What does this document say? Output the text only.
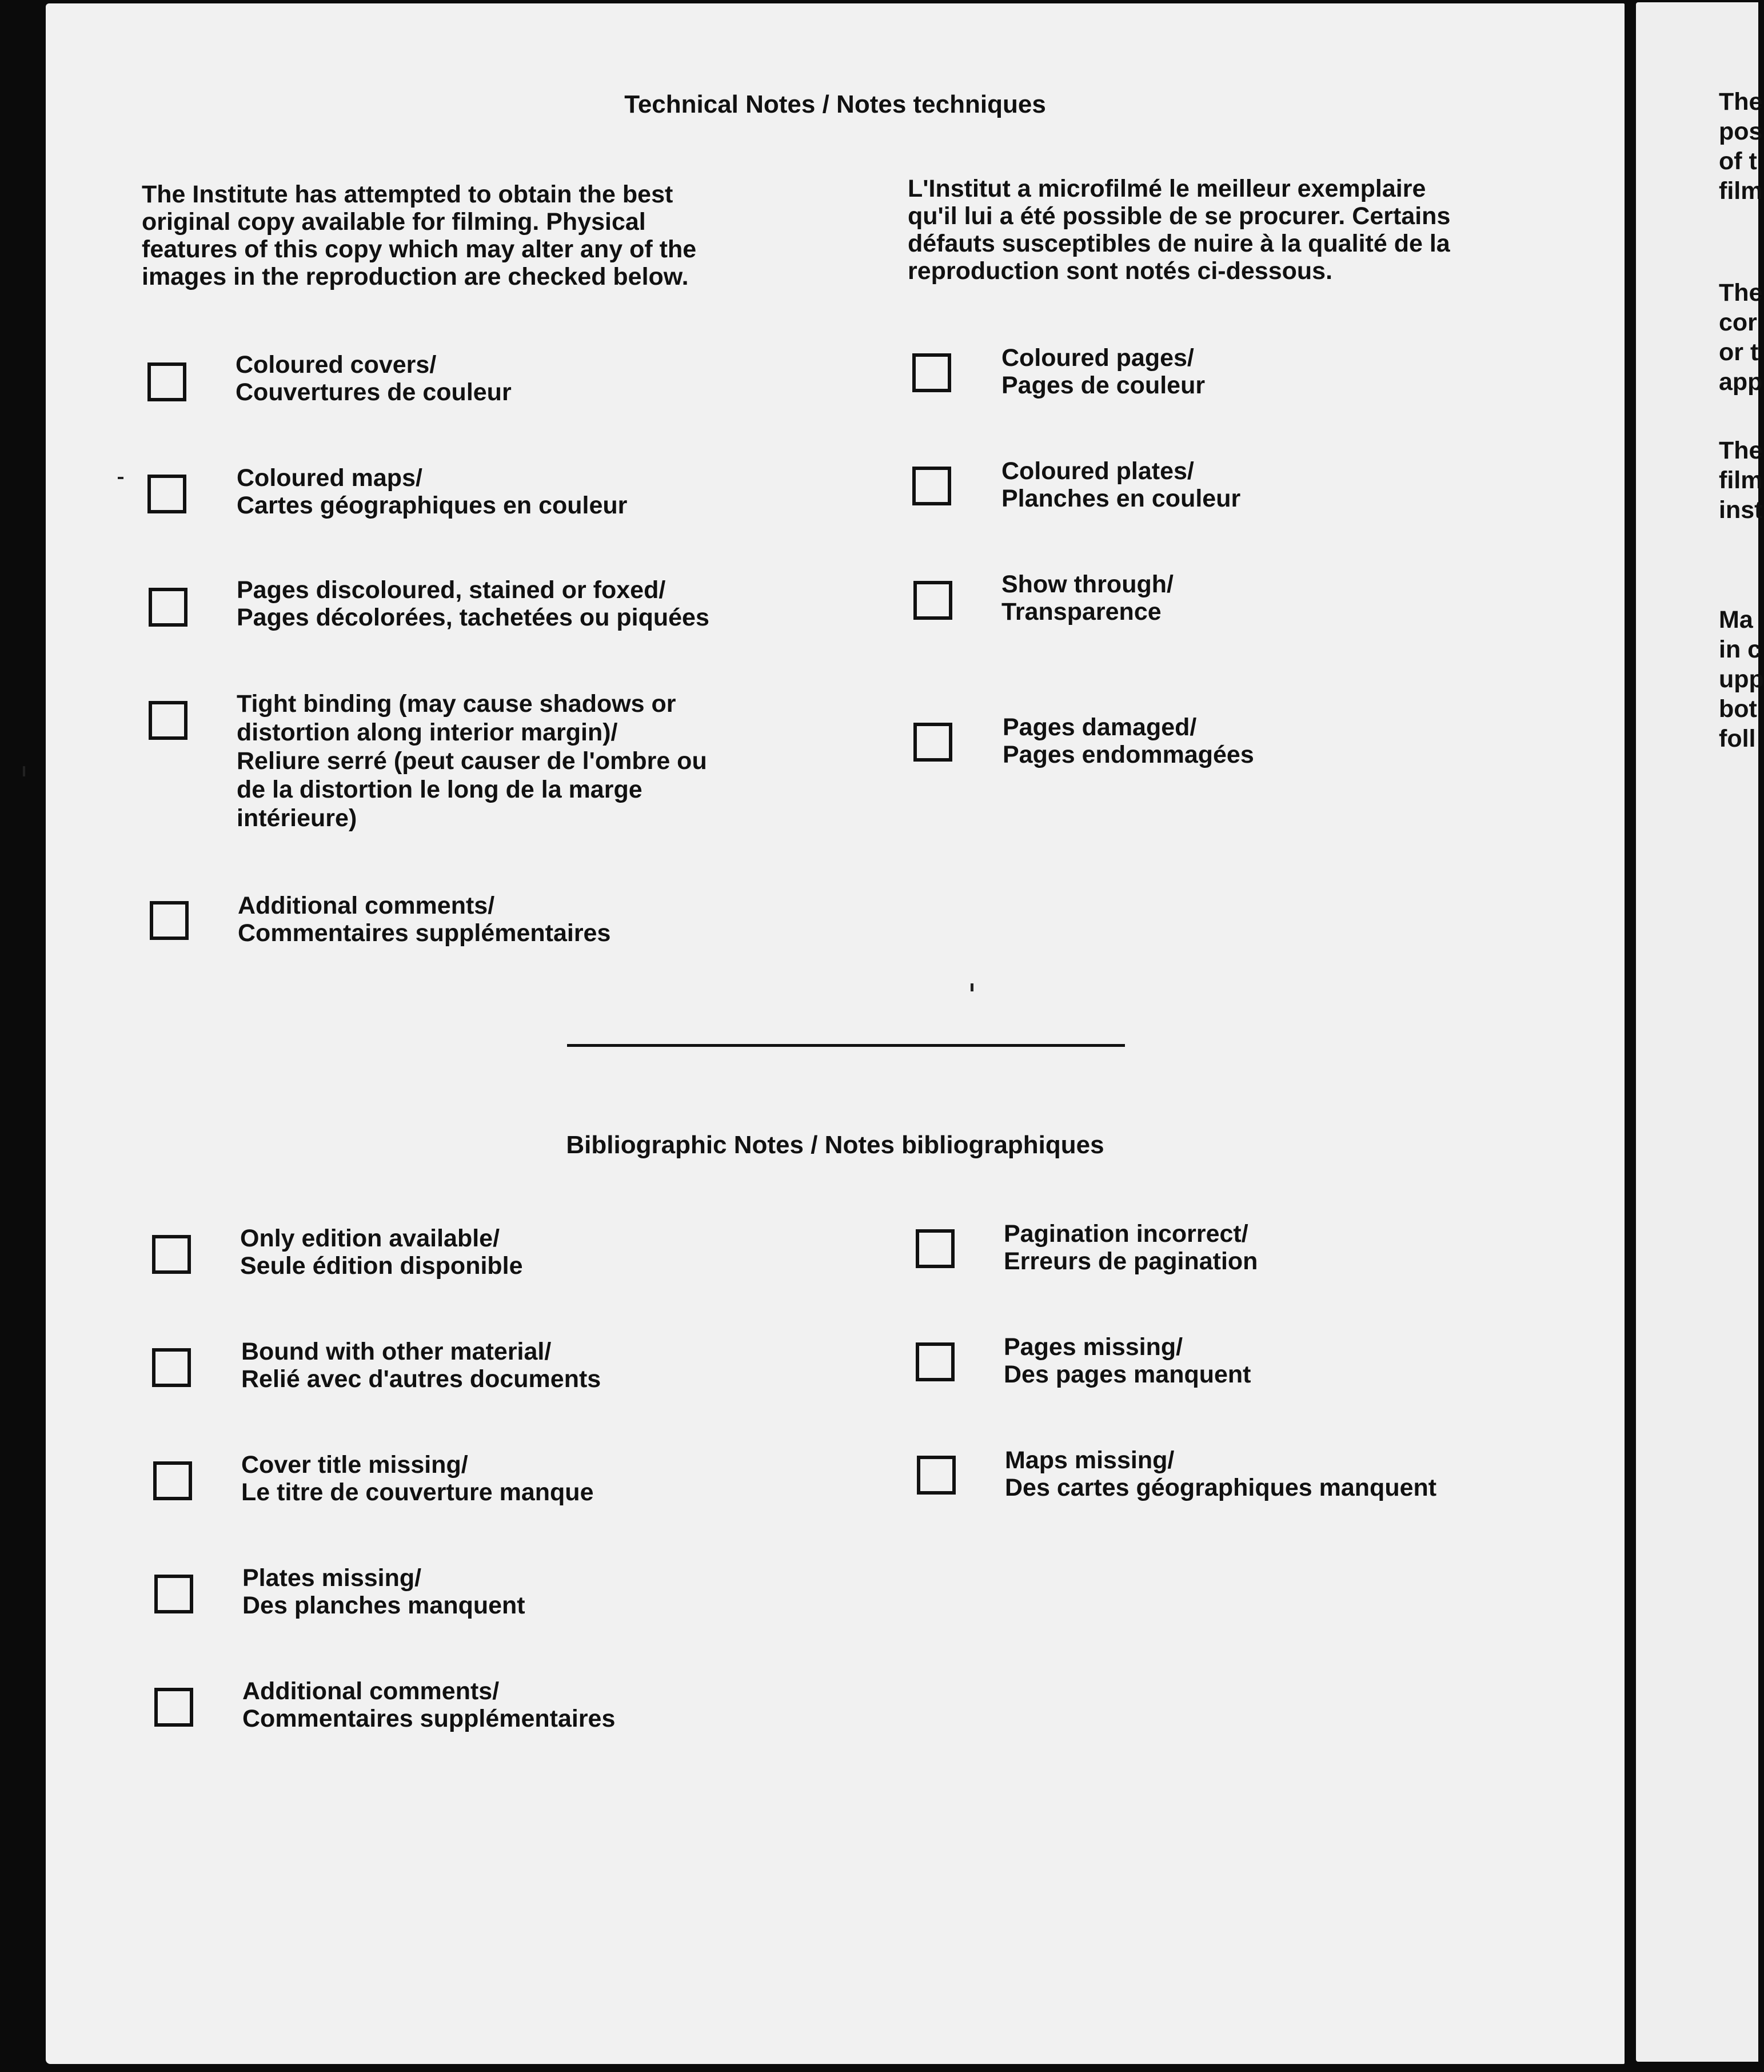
Technical Notes / Notes techniques
The Institute has attempted to obtain the best
original copy available for filming. Physical
features of this copy which may alter any of the
images in the reproduction are checked below.
L'Institut a microfilmé le meilleur exemplaire
qu'il lui a été possible de se procurer. Certains
défauts susceptibles de nuire à la qualité de la
reproduction sont notés ci-dessous.
Coloured covers/
Couvertures de couleur
Coloured maps/
Cartes géographiques en couleur
Pages discoloured, stained or foxed/
Pages décolorées, tachetées ou piquées
Tight binding (may cause shadows or
distortion along interior margin)/
Reliure serré (peut causer de l'ombre ou
de la distortion le long de la marge
intérieure)
Additional comments/
Commentaires supplémentaires
Coloured pages/
Pages de couleur
Coloured plates/
Planches en couleur
Show through/
Transparence
Pages damaged/
Pages endommagées
Bibliographic Notes / Notes bibliographiques
Only edition available/
Seule édition disponible
Bound with other material/
Relié avec d'autres documents
Cover title missing/
Le titre de couverture manque
Plates missing/
Des planches manquent
Additional comments/
Commentaires supplémentaires
Pagination incorrect/
Erreurs de pagination
Pages missing/
Des pages manquent
Maps missing/
Des cartes géographiques manquent
The
pos
of t
film
The
cor
or t
app
The
film
inst
Ma
in c
upp
bot
foll
